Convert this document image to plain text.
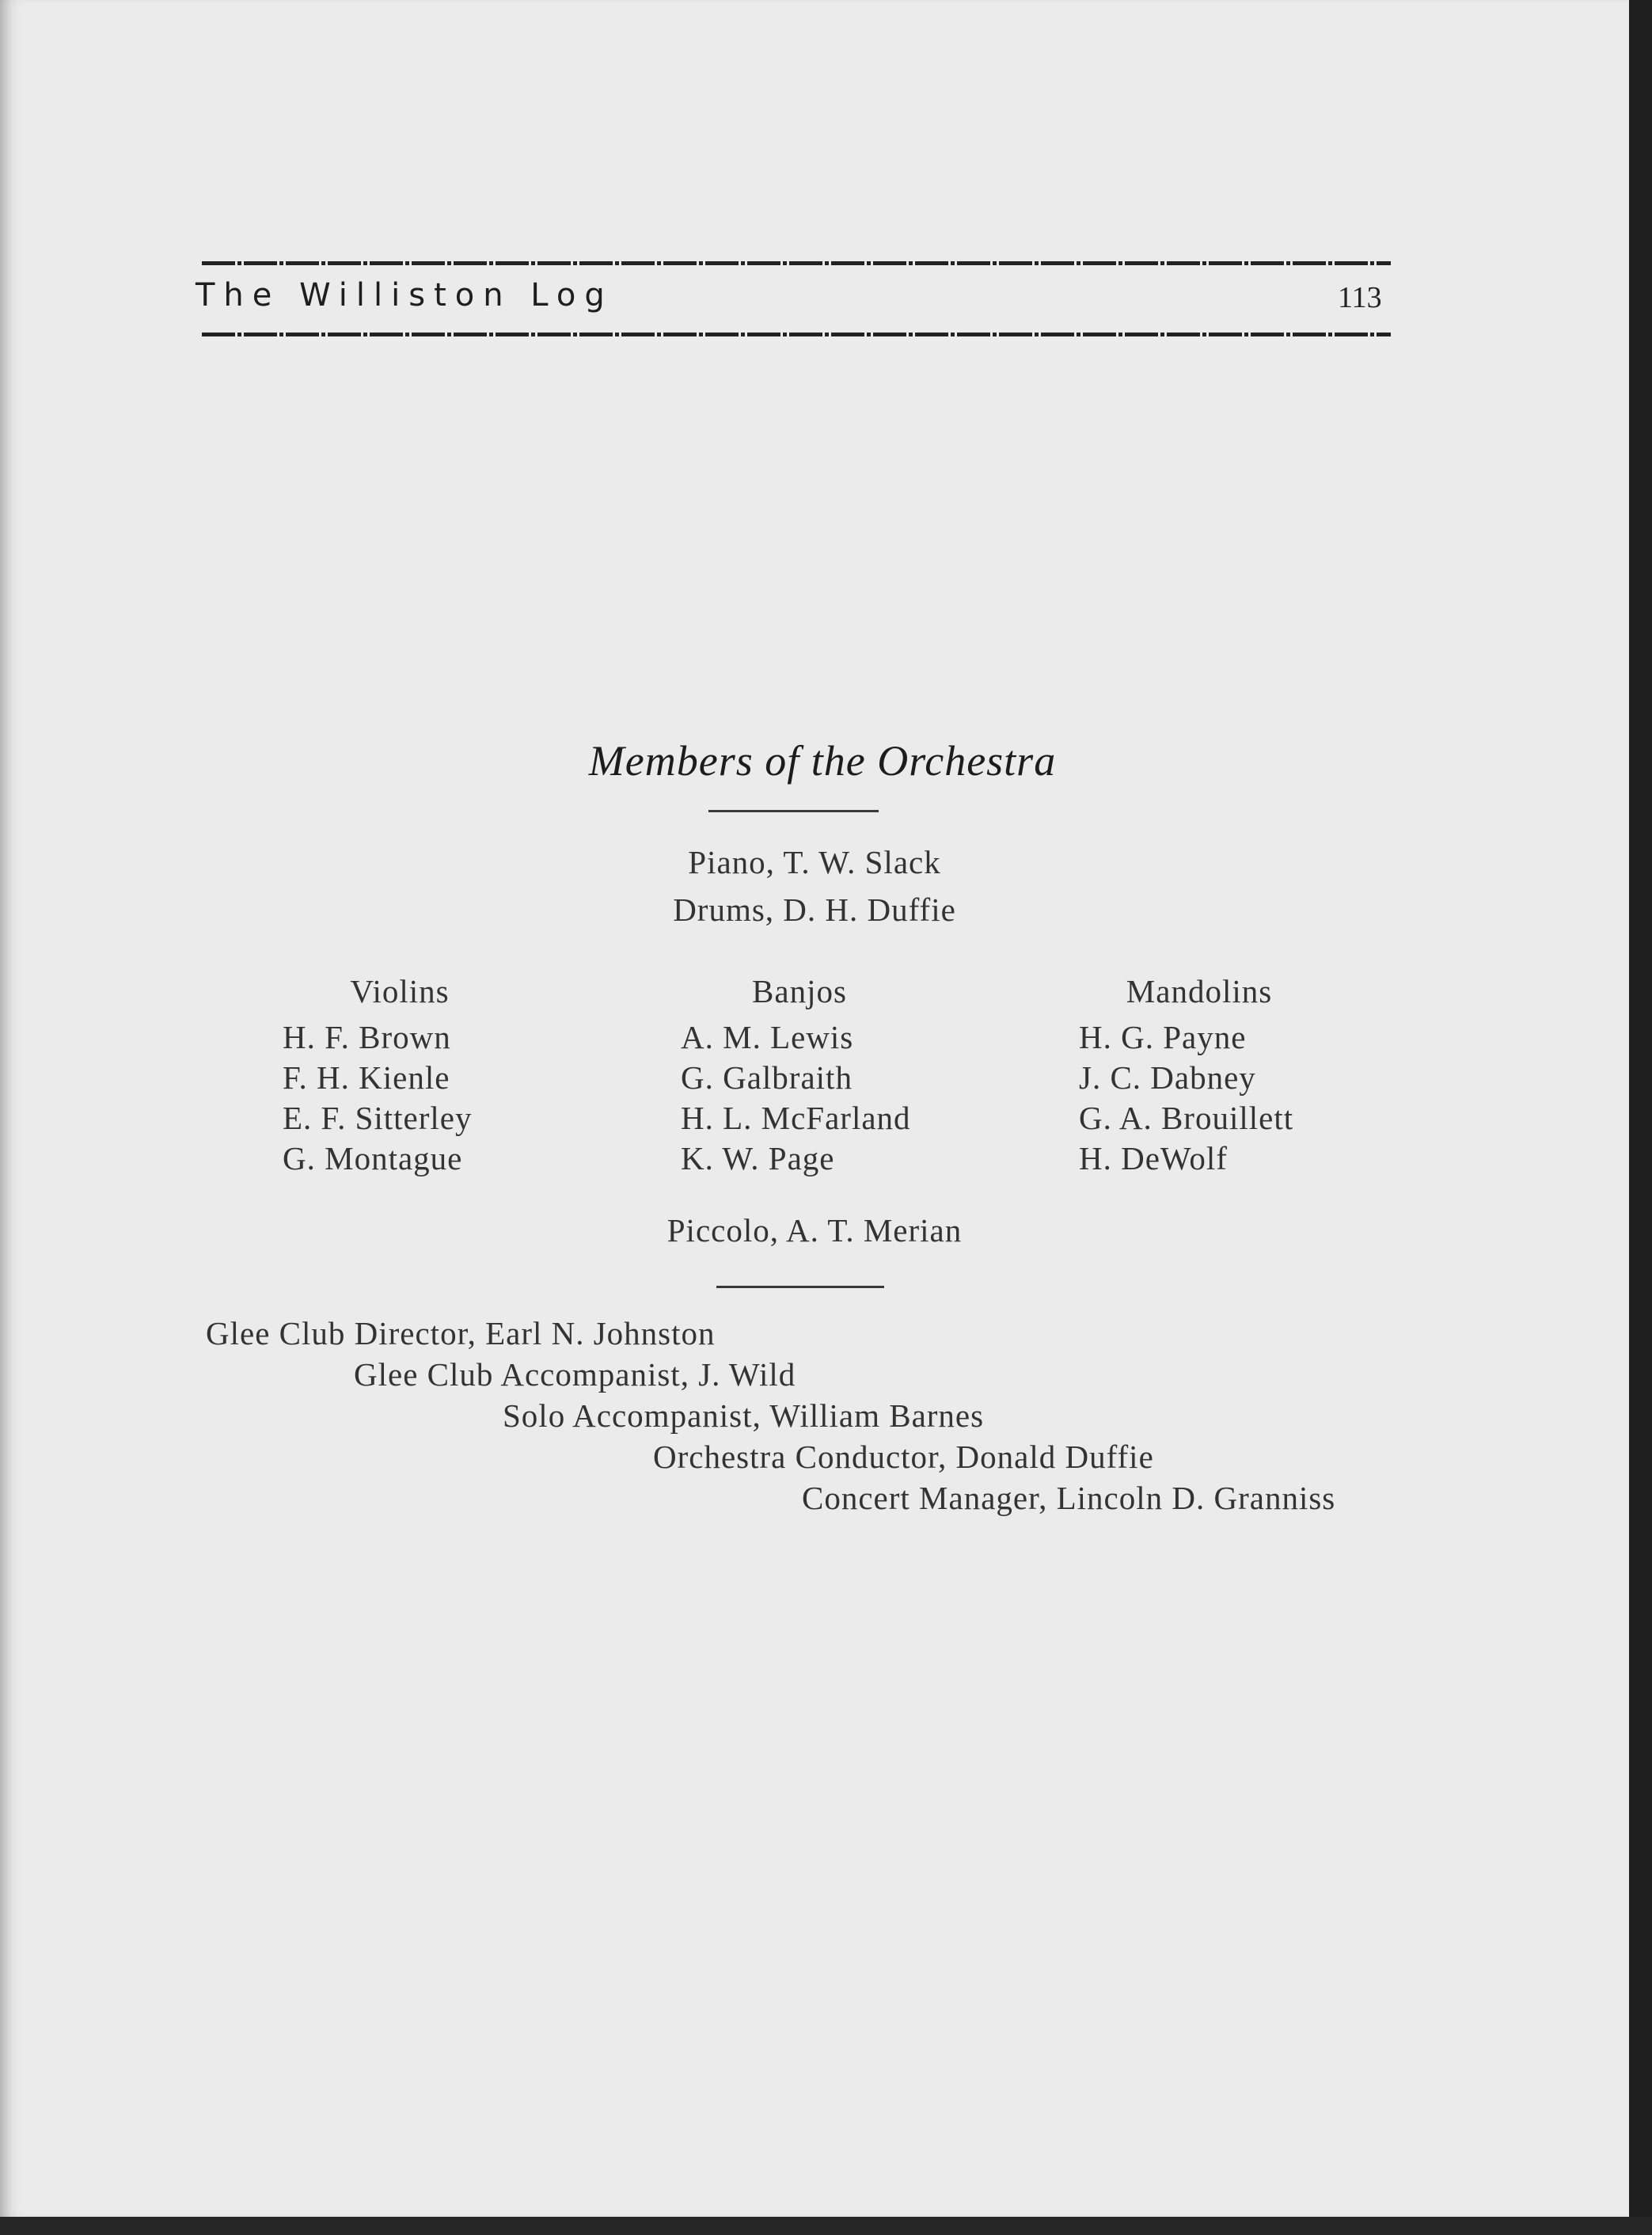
The Williston Log	113
Members of the Orchestra
Piano, T. W. Slack
Drums, D. H. Duffie
Violins
H. F. Brown
F. H. Kienle
E. F. Sitterley
G. Montague
Banjos
A. M. Lewis
G. Galbraith
H. L. McFarland
K. W. Page
Mandolins
H. G. Payne
J. C. Dabney
G. A. Brouillett
H. DeWolf
Piccolo, A. T. Merian
Glee Club Director, Earl N. Johnston
Glee Club Accompanist, J. Wild
Solo Accompanist, William Barnes
Orchestra Conductor, Donald Duffie
Concert Manager, Lincoln D. Granniss
